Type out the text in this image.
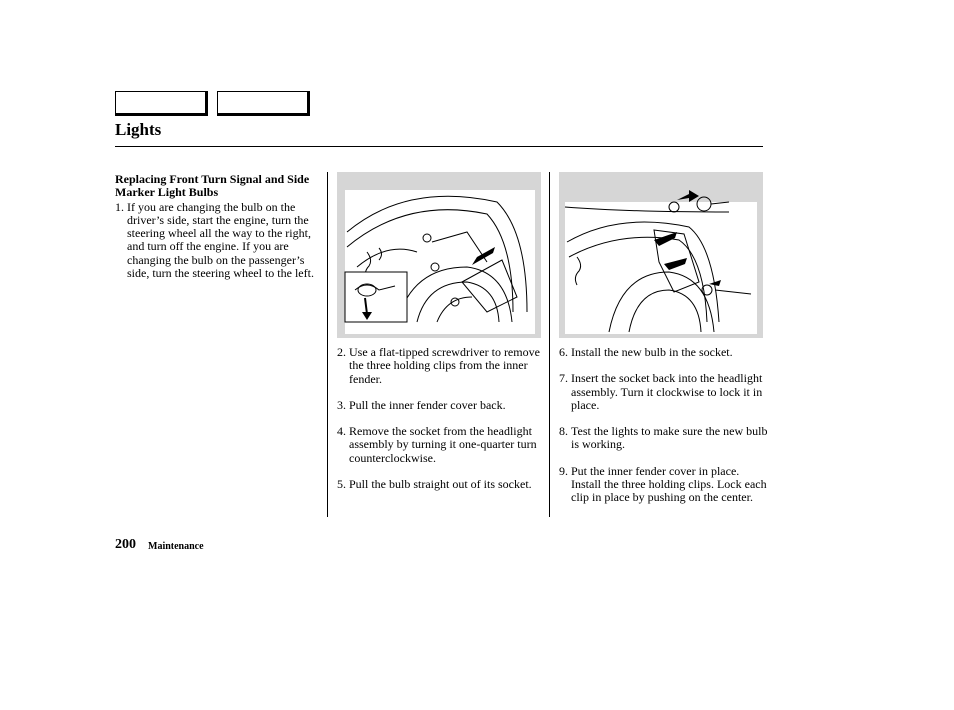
Lights

Replacing Front Turn Signal and Side Marker Light Bulbs

1. If you are changing the bulb on the driver’s side, start the engine, turn the steering wheel all the way to the right, and turn off the engine. If you are changing the bulb on the passenger’s side, turn the steering wheel to the left.
2. Use a flat-tipped screwdriver to remove the three holding clips from the inner fender.
3. Pull the inner fender cover back.
4. Remove the socket from the headlight assembly by turning it one-quarter turn counterclockwise.
5. Pull the bulb straight out of its socket.
6. Install the new bulb in the socket.
7. Insert the socket back into the headlight assembly. Turn it clockwise to lock it in place.
8. Test the lights to make sure the new bulb is working.
9. Put the inner fender cover in place. Install the three holding clips. Lock each clip in place by pushing on the center.
200 Maintenance
